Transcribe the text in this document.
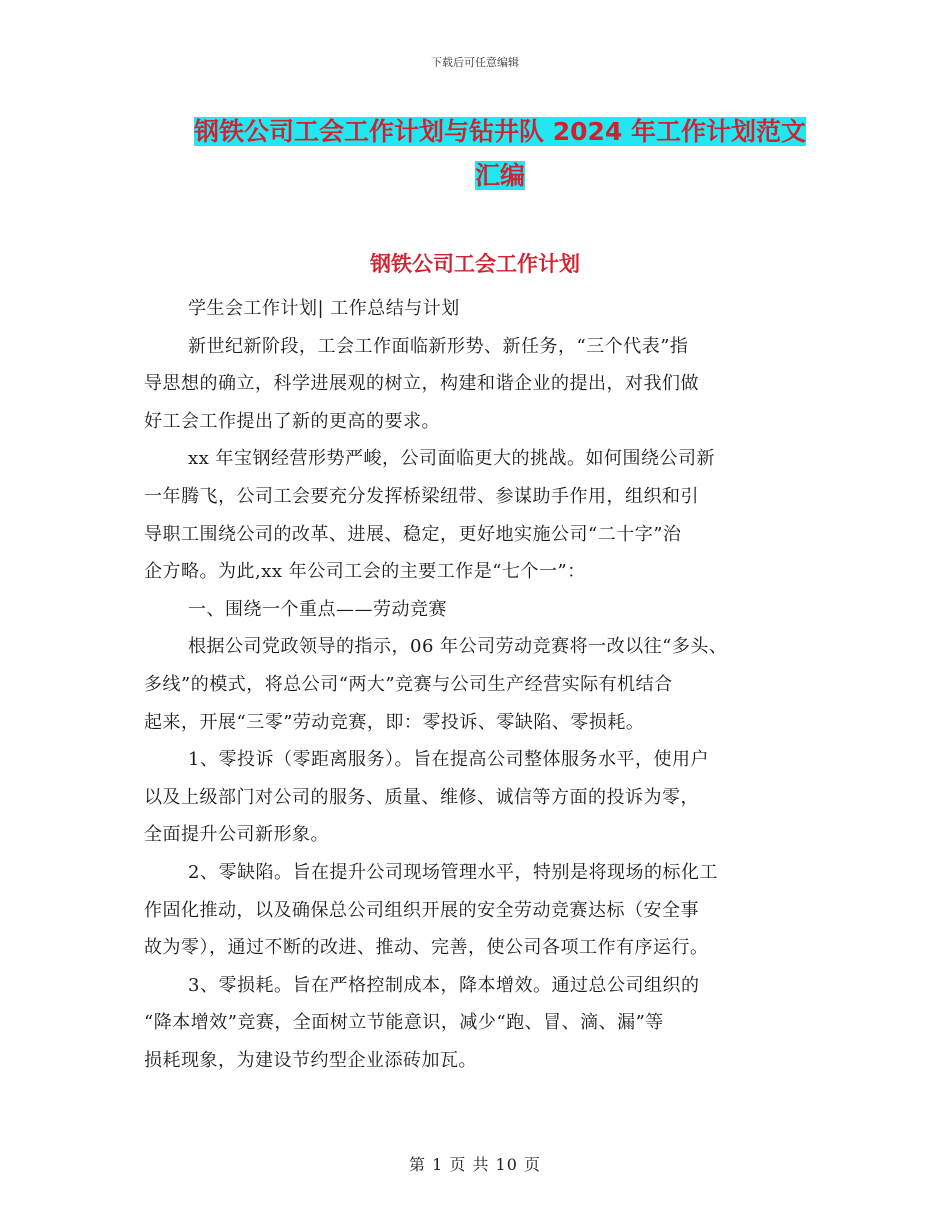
下载后可任意编辑
钢铁公司工会工作计划与钻井队 2024 年工作计划范文
汇编
钢铁公司工会工作计划
学生会工作计划| 工作总结与计划
新世纪新阶段，工会工作面临新形势、新任务，“三个代表”指
导思想的确立，科学进展观的树立，构建和谐企业的提出，对我们做
好工会工作提出了新的更高的要求。
xx 年宝钢经营形势严峻，公司面临更大的挑战。如何围绕公司新
一年腾飞，公司工会要充分发挥桥梁纽带、参谋助手作用，组织和引
导职工围绕公司的改革、进展、稳定，更好地实施公司“二十字”治
企方略。为此,xx 年公司工会的主要工作是“七个一”：
一、围绕一个重点——劳动竞赛
根据公司党政领导的指示，06 年公司劳动竞赛将一改以往“多头、
多线”的模式，将总公司“两大”竞赛与公司生产经营实际有机结合
起来，开展“三零”劳动竞赛，即：零投诉、零缺陷、零损耗。
1、零投诉（零距离服务）。旨在提高公司整体服务水平，使用户
以及上级部门对公司的服务、质量、维修、诚信等方面的投诉为零，
全面提升公司新形象。
2、零缺陷。旨在提升公司现场管理水平，特别是将现场的标化工
作固化推动，以及确保总公司组织开展的安全劳动竞赛达标（安全事
故为零），通过不断的改进、推动、完善，使公司各项工作有序运行。
3、零损耗。旨在严格控制成本，降本增效。通过总公司组织的
“降本增效”竞赛，全面树立节能意识，减少“跑、冒、滴、漏”等
损耗现象，为建设节约型企业添砖加瓦。
第 1 页 共 10 页
